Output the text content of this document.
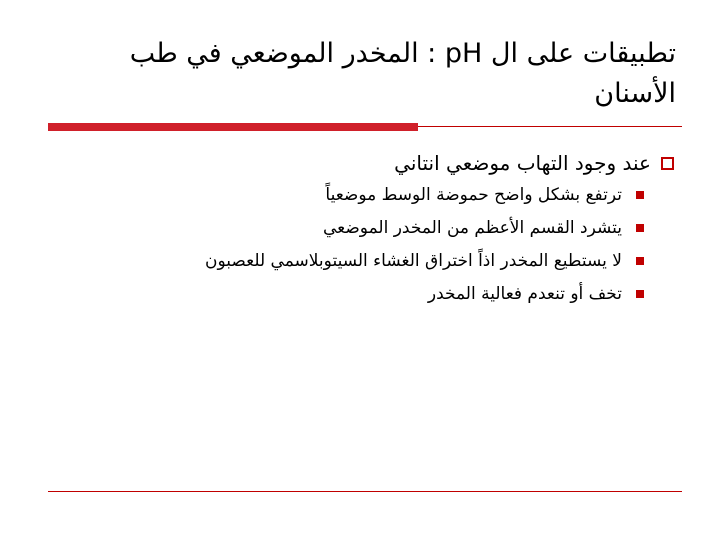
تطبيقات على ال pH : المخدر الموضعي في طب
الأسنان
عند وجود التهاب موضعي انتاني
ترتفع بشكل واضح حموضة الوسط موضعياً
يتشرد القسم الأعظم من المخدر الموضعي
لا يستطيع المخدر اذاً اختراق الغشاء السيتوبلاسمي للعصبون
تخف أو تنعدم فعالية المخدر
